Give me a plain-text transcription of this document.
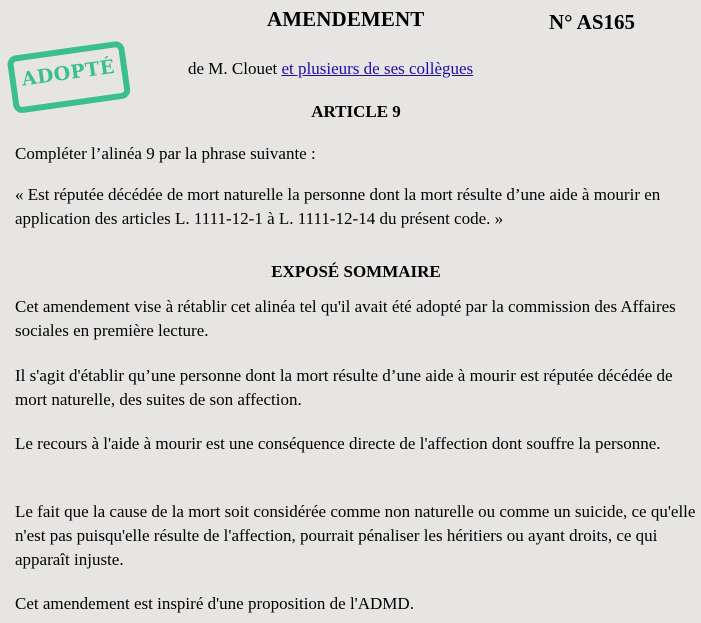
AMENDEMENT	N° AS165
ADOPTÉ	de M. Clouet et plusieurs de ses collègues
ARTICLE 9

Compléter l’alinéa 9 par la phrase suivante :

« Est réputée décédée de mort naturelle la personne dont la mort résulte d’une aide à mourir en application des articles L. 1111-12-1 à L. 1111-12-14 du présent code. »

EXPOSÉ SOMMAIRE

Cet amendement vise à rétablir cet alinéa tel qu'il avait été adopté par la commission des Affaires sociales en première lecture.

Il s'agit d'établir qu’une personne dont la mort résulte d’une aide à mourir est réputée décédée de mort naturelle, des suites de son affection.

Le recours à l'aide à mourir est une conséquence directe de l'affection dont souffre la personne.

Le fait que la cause de la mort soit considérée comme non naturelle ou comme un suicide, ce qu'elle n'est pas puisqu'elle résulte de l'affection, pourrait pénaliser les héritiers ou ayant droits, ce qui apparaît injuste.

Cet amendement est inspiré d'une proposition de l'ADMD.
